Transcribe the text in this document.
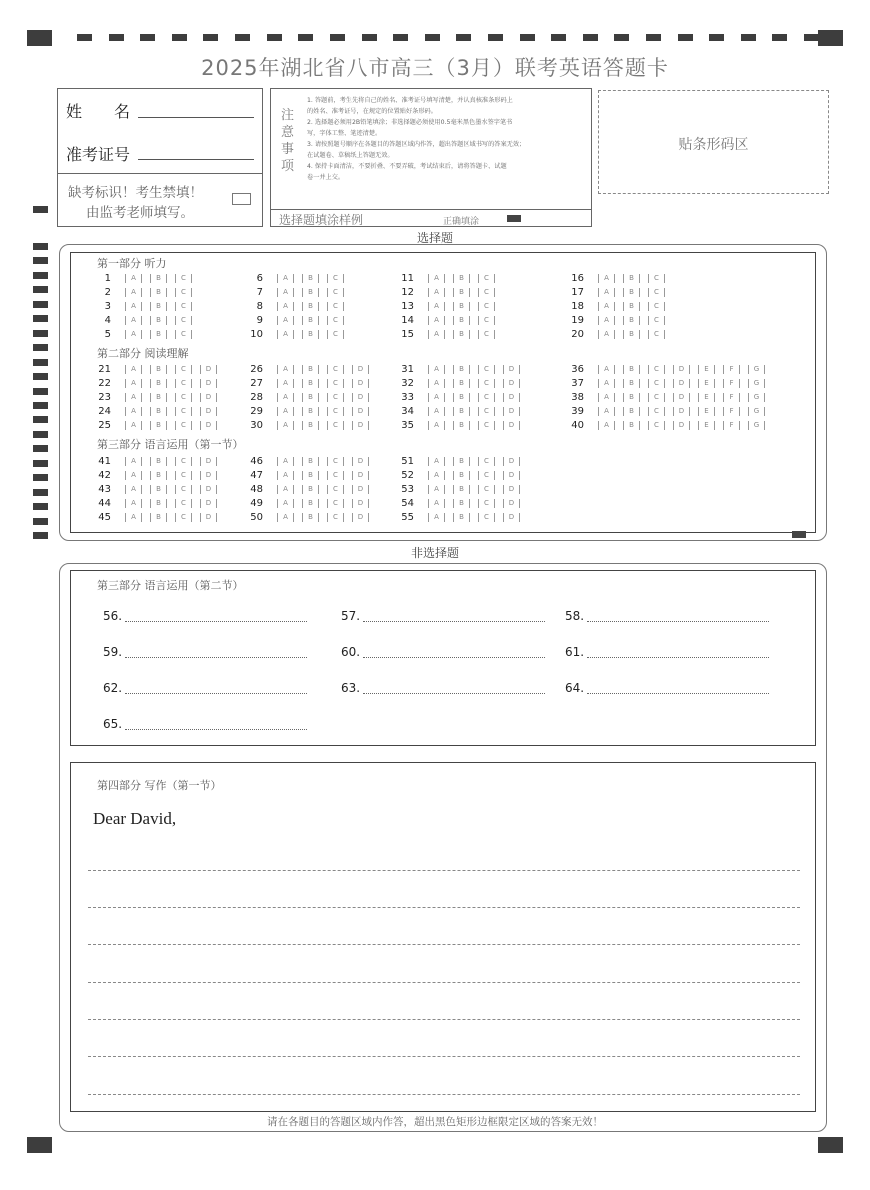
2025年湖北省八市高三（3月）联考英语答题卡
姓　　名
准考证号
缺考标识！考生禁填！
由监考老师填写。
注
意
事
项
1. 答题前，考生先将自己的姓名、准考证号填写清楚，并认真核准条形码上
的姓名、准考证号，在规定的位置贴好条形码。
2. 选择题必须用2B铅笔填涂；非选择题必须使用0.5毫米黑色墨水签字笔书
写，字体工整、笔迹清楚。
3. 请按照题号顺序在各题目的答题区域内作答，超出答题区域书写的答案无效；
在试题卷、草稿纸上答题无效。
4. 保持卡面清洁，不要折叠、不要弄破，考试结束后，请将答题卡、试题
卷一并上交。
选择题填涂样例	正确填涂
贴条形码区
选择题
第一部分 听力
第二部分 阅读理解
第三部分 语言运用（第一节）
1	A	B	C
2	A	B	C
3	A	B	C
4	A	B	C
5	A	B	C
6	A	B	C
7	A	B	C
8	A	B	C
9	A	B	C
10	A	B	C
11	A	B	C
12	A	B	C
13	A	B	C
14	A	B	C
15	A	B	C
16	A	B	C
17	A	B	C
18	A	B	C
19	A	B	C
20	A	B	C
21	A	B	C	D
22	A	B	C	D
23	A	B	C	D
24	A	B	C	D
25	A	B	C	D
26	A	B	C	D
27	A	B	C	D
28	A	B	C	D
29	A	B	C	D
30	A	B	C	D
31	A	B	C	D
32	A	B	C	D
33	A	B	C	D
34	A	B	C	D
35	A	B	C	D
36	A	B	C	D	E	F	G
37	A	B	C	D	E	F	G
38	A	B	C	D	E	F	G
39	A	B	C	D	E	F	G
40	A	B	C	D	E	F	G
41	A	B	C	D
42	A	B	C	D
43	A	B	C	D
44	A	B	C	D
45	A	B	C	D
46	A	B	C	D
47	A	B	C	D
48	A	B	C	D
49	A	B	C	D
50	A	B	C	D
51	A	B	C	D
52	A	B	C	D
53	A	B	C	D
54	A	B	C	D
55	A	B	C	D
非选择题
第三部分 语言运用（第二节）
56.	57.	58.
59.	60.	61.
62.	63.	64.
65.
第四部分 写作（第一节）
Dear David,
请在各题目的答题区域内作答，超出黑色矩形边框限定区域的答案无效！
